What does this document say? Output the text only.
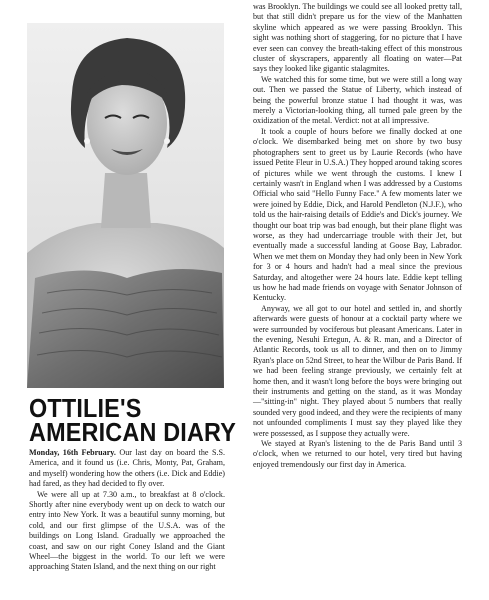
OTTILIE'S
AMERICAN DIARY

Monday, 16th February. Our last day on board the S.S. America, and it found us (i.e. Chris, Monty, Pat, Graham, and myself) wondering how the others (i.e. Dick and Eddie) had fared, as they had decided to fly over.

We were all up at 7.30 a.m., to breakfast at 8 o'clock. Shortly after nine everybody went up on deck to watch our entry into New York. It was a beautiful sunny morning, but cold, and our first glimpse of the U.S.A. was of the buildings on Long Island. Gradually we approached the coast, and saw on our right Coney Island and the Giant Wheel—the biggest in the world. To our left we were approaching Staten Island, and the next thing on our right

was Brooklyn. The buildings we could see all looked pretty tall, but that still didn't prepare us for the view of the Manhatten skyline which appeared as we were passing Brooklyn. This sight was nothing short of staggering, for no picture that I have ever seen can convey the breath-taking effect of this monstrous cluster of skyscrapers, apparently all floating on water—Pat says they looked like gigantic stalagmites.

We watched this for some time, but we were still a long way out. Then we passed the Statue of Liberty, which instead of being the powerful bronze statue I had thought it was, was merely a Victorian-looking thing, all turned pale green by the oxidization of the metal. Verdict: not at all impressive.

It took a couple of hours before we finally docked at one o'clock. We disembarked being met on shore by two busy photographers sent to greet us by Laurie Records (who have issued Petite Fleur in U.S.A.) They hopped around taking scores of pictures while we went through the customs. I knew I certainly wasn't in England when I was addressed by a Customs Official who said "Hello Funny Face." A few moments later we were joined by Eddie, Dick, and Harold Pendleton (N.J.F.), who told us the hair-raising details of Eddie's and Dick's journey. We thought our boat trip was bad enough, but their plane flight was worse, as they had undercarriage trouble with their Jet, but eventually made a successful landing at Goose Bay, Labrador. When we met them on Monday they had only been in New York for 3 or 4 hours and hadn't had a meal since the previous Saturday, and altogether were 24 hours late. Eddie kept telling us how he had made friends on voyage with Senator Johnson of Kentucky.

Anyway, we all got to our hotel and settled in, and shortly afterwards were guests of honour at a cocktail party where we were surrounded by vociferous but pleasant Americans. Later in the evening, Nesuhi Ertegun, A. & R. man, and a Director of Atlantic Records, took us all to dinner, and then on to Jimmy Ryan's place on 52nd Street, to hear the Wilbur de Paris Band. If we had been feeling strange previously, we certainly felt at home then, and it wasn't long before the boys were bringing out their instruments and getting on the stand, as it was Monday—"sitting-in" night. They played about 5 numbers that really sounded very good indeed, and they were the recipients of many not unfounded compliments I must say they played like they were possessed, as I suppose they actually were.

We stayed at Ryan's listening to the de Paris Band until 3 o'clock, when we returned to our hotel, very tired but having enjoyed tremendously our first day in America.
